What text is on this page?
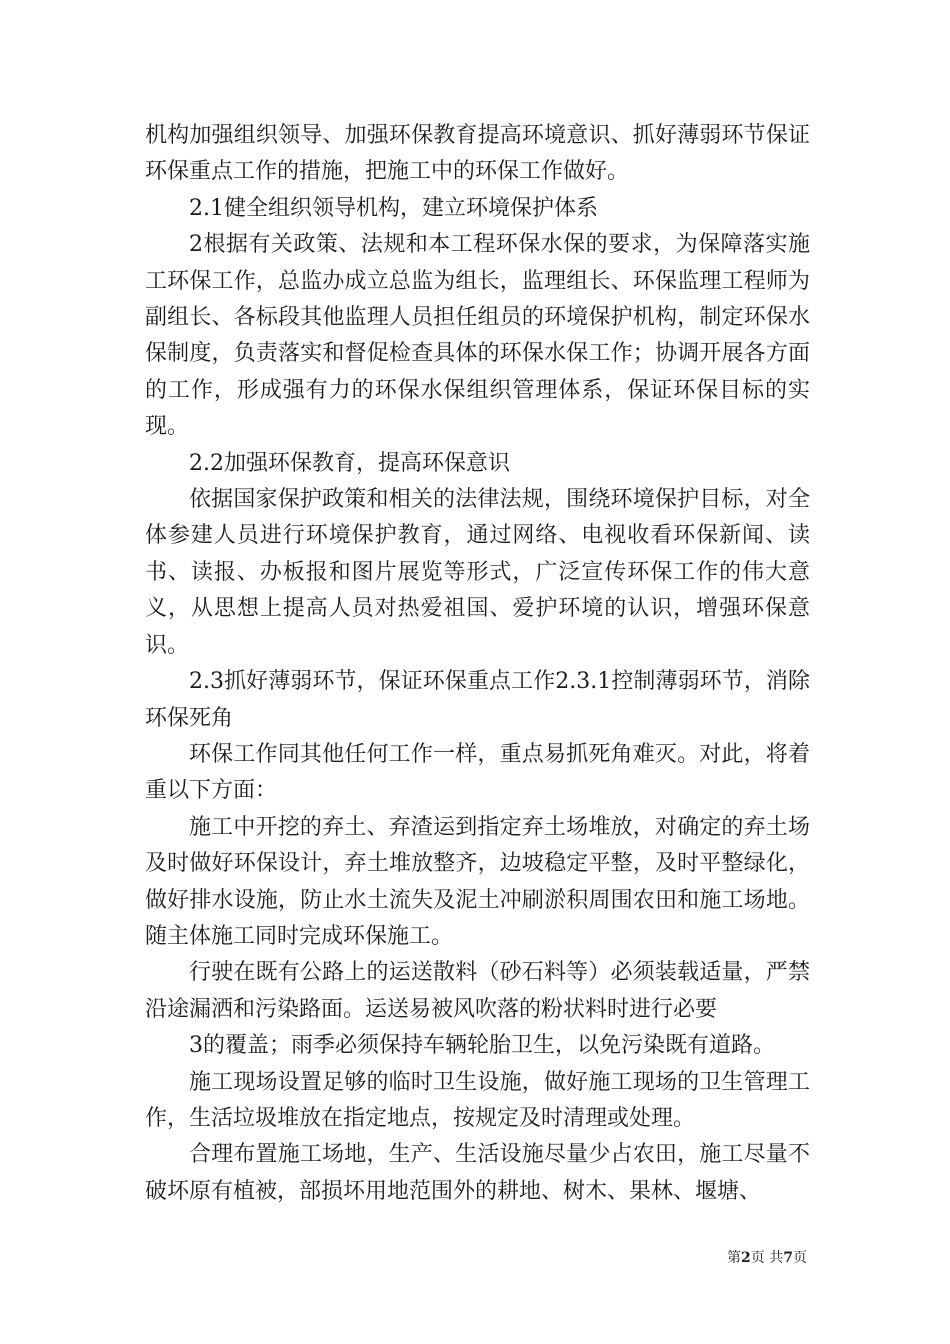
机构加强组织领导、加强环保教育提高环境意识、抓好薄弱环节保证环保重点工作的措施，把施工中的环保工作做好。

2.1健全组织领导机构，建立环境保护体系

2根据有关政策、法规和本工程环保水保的要求，为保障落实施工环保工作，总监办成立总监为组长，监理组长、环保监理工程师为副组长、各标段其他监理人员担任组员的环境保护机构，制定环保水保制度，负责落实和督促检查具体的环保水保工作；协调开展各方面的工作，形成强有力的环保水保组织管理体系，保证环保目标的实现。

2.2加强环保教育，提高环保意识

依据国家保护政策和相关的法律法规，围绕环境保护目标，对全体参建人员进行环境保护教育，通过网络、电视收看环保新闻、读书、读报、办板报和图片展览等形式，广泛宣传环保工作的伟大意义，从思想上提高人员对热爱祖国、爱护环境的认识，增强环保意识。

2.3抓好薄弱环节，保证环保重点工作2.3.1控制薄弱环节，消除环保死角

环保工作同其他任何工作一样，重点易抓死角难灭。对此，将着重以下方面：

施工中开挖的弃土、弃渣运到指定弃土场堆放，对确定的弃土场及时做好环保设计，弃土堆放整齐，边坡稳定平整，及时平整绿化，做好排水设施，防止水土流失及泥土冲刷淤积周围农田和施工场地。随主体施工同时完成环保施工。

行驶在既有公路上的运送散料（砂石料等）必须装载适量，严禁沿途漏洒和污染路面。运送易被风吹落的粉状料时进行必要

3的覆盖；雨季必须保持车辆轮胎卫生，以免污染既有道路。

施工现场设置足够的临时卫生设施，做好施工现场的卫生管理工作，生活垃圾堆放在指定地点，按规定及时清理或处理。

合理布置施工场地，生产、生活设施尽量少占农田，施工尽量不破坏原有植被，部损坏用地范围外的耕地、树木、果林、堰塘、

第2页 共7页
